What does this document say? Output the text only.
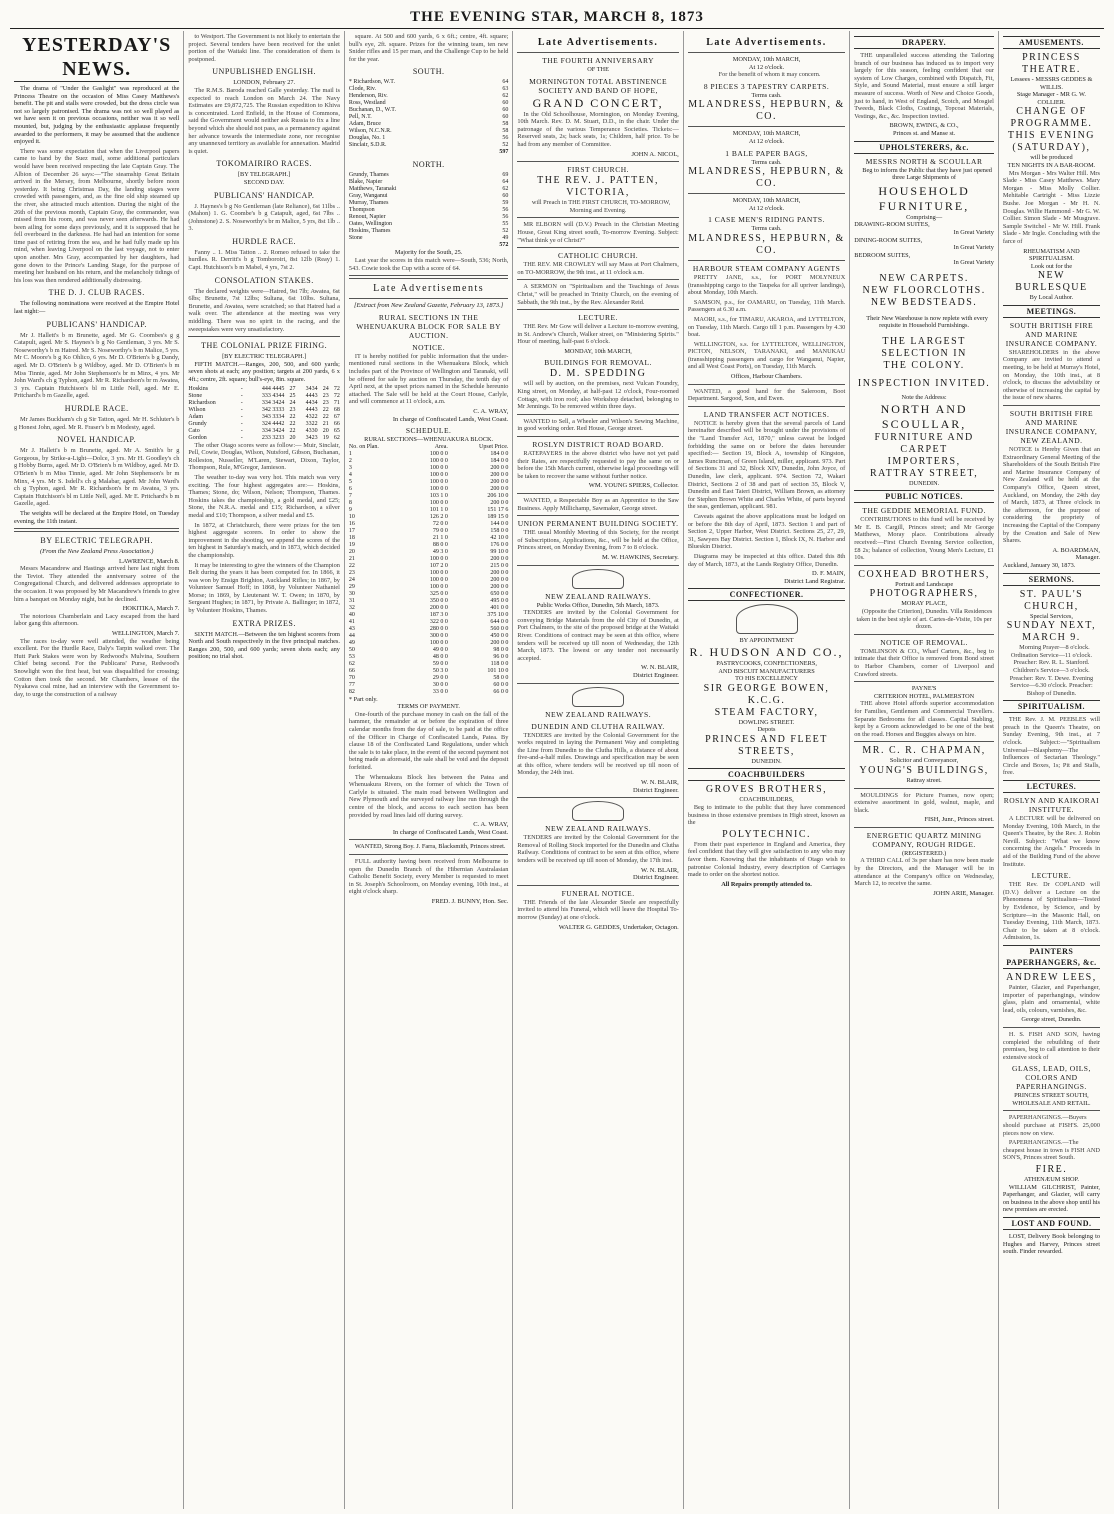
THE EVENING STAR, MARCH 8, 1873
YESTERDAY'S NEWS.

The drama of "Under the Gaslight" was reproduced at the Princess Theatre on the occasion of Miss Casey Matthews's benefit. The pit and stalls were crowded, but the dress circle was not so largely patronised. The drama was not so well played as we have seen it on previous occasions, neither was it so well mounted, but, judging by the enthusiastic applause frequently awarded to the performers, it may be assumed that the audience enjoyed it.

There was some expectation that when the Liverpool papers came to hand by the Suez mail, some additional particulars would have been received respecting the late Captain Gray. The Albion of December 26 says:—"The steamship Great Britain arrived in the Mersey, from Melbourne, shortly before noon yesterday. It being Christmas Day, the landing stages were crowded with passengers, and, as the fine old ship steamed up the river, she attracted much attention. During the night of the 26th of the previous month, Captain Gray, the commander, was missed from his room, and was never seen afterwards. He had been ailing for some days previously, and it is supposed that he fell overboard in the darkness. He had had an intention for some time past of retiring from the sea, and he had fully made up his mind, when leaving Liverpool on the last voyage, not to enter upon another. Mrs Gray, accompanied by her daughters, had gone down to the Prince's Landing Stage, for the purpose of meeting her husband on his return, and the melancholy tidings of his loss was then rendered additionally distressing.

THE D. J. CLUB RACES.

The following nominations were received at the Empire Hotel last night:—

PUBLICANS' HANDICAP.

Mr J. Hallett's b m Brunette, aged. Mr G. Coombes's g g Catapult, aged. Mr S. Haynes's b g No Gentleman, 3 yrs. Mr S. Noseworthy's b m Hatred. Mr S. Noseworthy's b m Malice, 5 yrs. Mr C. Moore's b g Ko Ohlico, 6 yrs. Mr D. O'Brien's b g Dandy, aged. Mr D. O'Brien's b g Wildboy, aged. Mr D. O'Brien's b m Miss Tinnie, aged. Mr John Stephenson's br m Minx, 4 yrs. Mr John Ward's ch g Typhon, aged. Mr R. Richardson's br m Awatea, 3 yrs. Captain Hutchison's bl m Little Nell, aged. Mr E. Pritchard's b m Gazelle, aged.

HURDLE RACE.

Mr James Buckham's ch g Sir Tatton, aged. Mr H. Schluter's b g Honest John, aged. Mr R. Fraser's b m Modesty, aged.

NOVEL HANDICAP.

Mr J. Hallett's b m Brunette, aged. Mr A. Smith's br g Gorgeous, by Strike-a-Light—Dolce, 3 yrs. Mr H. Goodley's ch g Hobby Burns, aged. Mr D. O'Brien's b m Wildboy, aged. Mr D. O'Brien's b m Miss Tinnie, aged. Mr John Stephenson's br m Minx, 4 yrs. Mr S. Isdell's ch g Malabar, aged. Mr John Ward's ch g Typhon, aged. Mr R. Richardson's br m Awatea, 3 yrs. Captain Hutchison's bl m Little Nell, aged. Mr E. Pritchard's b m Gazelle, aged.

The weights will be declared at the Empire Hotel, on Tuesday evening, the 11th instant.

BY ELECTRIC TELEGRAPH.
(From the New Zealand Press Association.)
LAWRENCE, March 8.

Messrs Macandrew and Hastings arrived here last night from the Teviot. They attended the anniversary soiree of the Congregational Church, and delivered addresses appropriate to the occasion. It was proposed by Mr Macandrew's friends to give him a banquet on Monday night, but he declined.

HOKITIKA, March 7.

The notorious Chamberlain and Lacy escaped from the hard labor gang this afternoon.

WELLINGTON, March 7.

The races to-day were well attended, the weather being excellent. For the Hurdle Race, Daly's Tarpin walked over. The Hutt Park Stakes were won by Redwood's Mulvina, Southern Chief being second. For the Publicans' Purse, Redwood's Snowlight won the first heat, but was disqualified for crossing; Cotton then took the second. Mr Chambers, lessee of the Nyakawa coal mine, had an interview with the Government to-day, to urge the construction of a railway

to Westport. The Government is not likely to entertain the project. Several tenders have been received for the unlet portion of the Waitaki line. The consideration of them is postponed.

UNPUBLISHED ENGLISH.
LONDON, February 27.

The R.M.S. Baroda reached Galle yesterday. The mail is expected to reach London on March 24. The Navy Estimates are £9,872,725. The Russian expedition to Khiva is concentrated. Lord Enfield, in the House of Commons, said the Government would neither ask Russia to fix a line beyond which she should not pass, as a permanency against her advance towards the intermediate zone, nor recognise any unannexed territory as available for annexation. Madrid is quiet.

TOKOMAIRIRO RACES.
[BY TELEGRAPH.]
SECOND DAY.
PUBLICANS' HANDICAP.

J. Haynes's b g No Gentleman (late Reliance), 6st 11lbs .. (Mahon) 1. G. Coombe's b g Catapult, aged, 6st 7lbs .. (Johnstone) 2. S. Noseworthy's br m Malice, 5 yrs, 8st 1lb .. 3.

HURDLE RACE.

Fanny .. 1. Miss Tatton .. 2. Romeo refused to take the hurdles. R. Derritt's b g Tomboroiri, 8st 12lb (Reay) 1. Capt. Hutchison's b m Mabel, 4 yrs, 7st 2.

CONSOLATION STAKES.

The declared weights were—Hatred, 9st 7lb; Awatea, 6st 6lbs; Brunette, 7st 12lbs; Sultana, 6st 10lbs. Sultana, Brunette, and Awatea, were scratched; so that Hatred had a walk over. The attendance at the meeting was very middling. There was no spirit in the racing, and the sweepstakes were very unsatisfactory.

THE COLONIAL PRIZE FIRING.
[BY ELECTRIC TELEGRAPH.]

FIFTH MATCH.—Ranges, 200, 500, and 600 yards; seven shots at each; any position; targets at 200 yards, 6 x 4ft.; centre, 2ft. square; bull's-eye, 8in. square.

Hoskins	-	444 4445	27	3434	24	72
Stone	-	333 4344	25	4443	23	72
Richardson	-	334 3424	24	4434	23	71
Wilson	-	342 3333	23	4443	22	68
Adam	-	343 3334	22	4322	22	67
Grundy	-	324 4442	22	3322	21	66
Cato	-	334 3424	22	4330	20	65
Gordon	-	233 3233	20	3423	19	62

The other Otago scores were as follow:— Muir, Sinclair, Pell, Cowie, Douglas, Wilson, Nutsford, Gibson, Buchanan, Rolleston, Nusseller, M'Laren, Stewart, Dixon, Taylor, Thompson, Rule, M'Gregor, Jamieson.

The weather to-day was very hot. This match was very exciting. The four highest aggregates are:— Hoskins, Thames; Stone, do; Wilson, Nelson; Thompson, Thames. Hoskins takes the championship, a gold medal, and £25; Stone, the N.R.A. medal and £15; Richardson, a silver medal and £10; Thompson, a silver medal and £5.

In 1872, at Christchurch, there were prizes for the ten highest aggregate scorers. In order to show the improvement in the shooting, we append the scores of the ten highest in Saturday's match, and in 1873, which decided the championship.

It may be interesting to give the winners of the Champion Belt during the years it has been competed for. In 1866, it was won by Ensign Brighton, Auckland Rifles; in 1867, by Volunteer Samuel Hoff; in 1868, by Volunteer Nathaniel Morse; in 1869, by Lieutenant W. T. Owen; in 1870, by Sergeant Hughes; in 1871, by Private A. Ballinger; in 1872, by Volunteer Hoskins, Thames.

EXTRA PRIZES.

SIXTH MATCH.—Between the ten highest scorers from North and South respectively in the five principal matches. Ranges 200, 500, and 600 yards; seven shots each; any position; no trial shot.

square. At 500 and 600 yards, 6 x 6ft.; centre, 4ft. square; bull's eye, 2ft. square. Prizes for the winning team, ten new Snider rifles and 15 per man, and the Challenge Cup to be held for the year.

SOUTH.
* Richardson, W.T.	64
Clode, Riv.	63
Henderson, Riv.	62
Ross, Westland	60
Buchanan, D., W.T.	60
Pell, N.T.	60
Adam, Bruce	58
Wilson, N.C.N.R.	58
Douglas, No. 1	56
Sinclair, S.D.R.	52
	597
NORTH.
Grundy, Thames	69
Blake, Napier	64
Matthews, Taranaki	62
Gray, Wanganui	60
Murray, Thames	59
Thompson	56
Renout, Napier	56
Oates, Wellington	55
Hoskins, Thames	52
Stone	49
	572
Majority for the South, 25.

Last year the scores in this match were—South, 536; North, 543. Cowie took the Cup with a score of 64.

Late Advertisements
[Extract from New Zealand Gazette, February 13, 1873.]
RURAL SECTIONS IN THE WHENUAKURA BLOCK FOR SALE BY AUCTION.
NOTICE.

IT is hereby notified for public information that the under-mentioned rural sections in the Whenuakura Block, which includes part of the Province of Wellington and Taranaki, will be offered for sale by auction on Thursday, the tenth day of April next, at the upset prices named in the Schedule hereunto attached. The Sale will be held at the Court House, Carlyle, and will commence at 11 o'clock, a.m.

C. A. WRAY,
In charge of Confiscated Lands, West Coast.
SCHEDULE.
RURAL SECTIONS—WHENUAKURA BLOCK.
No. on Plan.	Area.	Upset Price.
1	100 0 0	184 0 0
2	100 0 0	184 0 0
3	100 0 0	200 0 0
4	100 0 0	200 0 0
5	100 0 0	200 0 0
6	100 0 0	200 0 0
7	103 1 0	206 10 0
8	100 0 0	200 0 0
9	101 1 0	151 17 6
10	126 2 0	189 15 0
16	72 0 0	144 0 0
17	79 0 0	158 0 0
18	21 1 0	42 10 0
19	88 0 0	176 0 0
20	49 3 0	99 10 0
21	100 0 0	200 0 0
22	107 2 0	215 0 0
23	100 0 0	200 0 0
24	100 0 0	200 0 0
29	100 0 0	200 0 0
30	325 0 0	650 0 0
31	350 0 0	495 0 0
32	200 0 0	401 0 0
40	187 3 0	375 10 0
41	322 0 0	644 0 0
43	280 0 0	560 0 0
44	300 0 0	450 0 0
49	100 0 0	200 0 0
50	49 0 0	98 0 0
53	48 0 0	96 0 0
62	59 0 0	118 0 0
66	50 3 0	101 10 0
70	29 0 0	58 0 0
77	30 0 0	60 0 0
82	33 0 0	66 0 0
* Part only.
TERMS OF PAYMENT.

One-fourth of the purchase money in cash on the fall of the hammer, the remainder at or before the expiration of three calendar months from the day of sale, to be paid at the office of the Officer in Charge of Confiscated Lands, Patea. By clause 18 of the Confiscated Land Regulations, under which the sale is to take place, in the event of the second payment not being made as aforesaid, the sale shall be void and the deposit forfeited.

The Whenuakura Block lies between the Patea and Whenuakura Rivers, on the former of which the Town of Carlyle is situated. The main road between Wellington and New Plymouth and the surveyed railway line run through the centre of the block, and access to each section has been provided by road lines laid off during survey.

C. A. WRAY,
In charge of Confiscated Lands, West Coast.

WANTED, Strong Boy. J. Farra, Blacksmith, Princes street.

FULL authority having been received from Melbourne to open the Dunedin Branch of the Hibernian Australasian Catholic Benefit Society, every Member is requested to meet in St. Joseph's Schoolroom, on Monday evening, 10th inst., at eight o'clock sharp.

FRED. J. BUNNY, Hon. Sec.
Late Advertisements.
THE FOURTH ANNIVERSARY
OF THE
MORNINGTON TOTAL ABSTINENCE SOCIETY AND BAND OF HOPE,
GRAND CONCERT,

In the Old Schoolhouse, Mornington, on Monday Evening, 10th March. Rev. D. M. Stuart, D.D., in the chair. Under the patronage of the various Temperance Societies. Tickets:—Reserved seats, 2s; back seats, 1s; Children, half price. To be had from any member of Committee.

JOHN A. NICOL,
FIRST CHURCH.
THE REV. J. PATTEN,
VICTORIA,

will Preach in THE FIRST CHURCH, TO-MORROW, Morning and Evening.

MR ELBORN will (D.V.) Preach in the Christian Meeting House, Great King street south, To-morrow Evening. Subject: "What think ye of Christ?"

CATHOLIC CHURCH.

THE REV. MR CROWLEY will say Mass at Port Chalmers, on TO-MORROW, the 9th inst., at 11 o'clock a.m.

A SERMON on "Spiritualism and the Teachings of Jesus Christ," will be preached in Trinity Church, on the evening of Sabbath, the 9th inst., by the Rev. Alexander Reid.

LECTURE.

THE Rev. Mr Gow will deliver a Lecture to-morrow evening, in St. Andrew's Church, Walker street, on "Ministering Spirits." Hour of meeting, half-past 6 o'clock.

MONDAY, 10th MARCH,
BUILDINGS FOR REMOVAL.
D. M. SPEDDING

will sell by auction, on the premises, next Vulcan Foundry, King street, on Monday, at half-past 12 o'clock, Four-roomed Cottage, with iron roof; also Workshop detached, belonging to Mr Jennings. To be removed within three days.

WANTED to Sell, a Wheeler and Wilson's Sewing Machine, in good working order. Red House, George street.

ROSLYN DISTRICT ROAD BOARD.

RATEPAYERS in the above district who have not yet paid their Rates, are respectfully requested to pay the same on or before the 15th March current, otherwise legal proceedings will be taken to recover the same without further notice.

WM. YOUNG SPIERS, Collector.

WANTED, a Respectable Boy as an Apprentice to the Saw Business. Apply Millichamp, Sawmaker, George street.

UNION PERMANENT BUILDING SOCIETY.

THE usual Monthly Meeting of this Society, for the receipt of Subscriptions, Applications, &c., will be held at the Office, Princes street, on Monday Evening, from 7 to 8 o'clock.

M. W. HAWKINS, Secretary.
NEW ZEALAND RAILWAYS.
Public Works Office, Dunedin, 5th March, 1873.

TENDERS are invited by the Colonial Government for conveying Bridge Materials from the old City of Dunedin, at Port Chalmers, to the site of the proposed bridge at the Waitaki River. Conditions of contract may be seen at this office, where tenders will be received up till noon of Wednesday, the 12th March, 1873. The lowest or any tender not necessarily accepted.

W. N. BLAIR,
District Engineer.
NEW ZEALAND RAILWAYS.
DUNEDIN AND CLUTHA RAILWAY.

TENDERS are invited by the Colonial Government for the works required in laying the Permanent Way and completing the Line from Dunedin to the Clutha Hills, a distance of about five-and-a-half miles. Drawings and specification may be seen at this office, where tenders will be received up till noon of Monday, the 24th inst.

W. N. BLAIR,
District Engineer.
NEW ZEALAND RAILWAYS.

TENDERS are invited by the Colonial Government for the Removal of Rolling Stock imported for the Dunedin and Clutha Railway. Conditions of contract to be seen at this office, where tenders will be received up till noon of Monday, the 17th inst.

W. N. BLAIR,
District Engineer.
FUNERAL NOTICE.

THE Friends of the late Alexander Steele are respectfully invited to attend his Funeral, which will leave the Hospital To-morrow (Sunday) at one o'clock.

WALTER G. GEDDES, Undertaker, Octagon.
Late Advertisements.
MONDAY, 10th MARCH,
At 12 o'clock.

For the benefit of whom it may concern.

8 PIECES 3 TAPESTRY CARPETS.
Terms cash.
MLANDRESS, HEPBURN, & CO.
MONDAY, 10th MARCH,
At 12 o'clock.
1 BALE PAPER BAGS,
Terms cash.
MLANDRESS, HEPBURN, & CO.
MONDAY, 10th MARCH,
At 12 o'clock.
1 CASE MEN'S RIDING PANTS.
Terms cash.
MLANDRESS, HEPBURN, & CO.
HARBOUR STEAM COMPANY AGENTS

PRETTY JANE, s.s., for PORT MOLYNEUX (transshipping cargo to the Taupeka for all upriver landings), about Monday, 10th March.

SAMSON, p.s., for OAMARU, on Tuesday, 11th March. Passengers at 6.30 a.m.

MAORI, s.s., for TIMARU, AKAROA, and LYTTELTON, on Tuesday, 11th March. Cargo till 1 p.m. Passengers by 4.30 boat.

WELLINGTON, s.s. for LYTTELTON, WELLINGTON, PICTON, NELSON, TARANAKI, and MANUKAU (transshipping passengers and cargo for Wanganui, Napier, and all West Coast Ports), on Tuesday, 11th March.

Offices, Harbour Chambers.

WANTED, a good hand for the Saleroom, Boot Department. Sargood, Son, and Ewen.

LAND TRANSFER ACT NOTICES.

NOTICE is hereby given that the several parcels of Land hereinafter described will be brought under the provisions of the "Land Transfer Act, 1870," unless caveat be lodged forbidding the same on or before the dates hereunder specified:— Section 19, Block A, township of Kingston, James Runciman, of Green Island, miller, applicant. 973. Part of Sections 31 and 32, Block XIV, Dunedin, John Joyce, of Dunedin, law clerk, applicant. 974. Section 72, Wakari District, Sections 2 of 38 and part of section 35, Block V, Dunedin and East Taieri District, William Brown, as attorney for Stephen Brown White and Charles White, of parts beyond the seas, gentleman, applicant. 981.

Caveats against the above applications must be lodged on or before the 8th day of April, 1873. Section 1 and part of Section 2, Upper Harbor, West District. Sections 25, 27, 29, 31, Sawyers Bay District. Section 1, Block IX, N. Harbor and Blueskin District.

Diagrams may be inspected at this office. Dated this 8th day of March, 1873, at the Lands Registry Office, Dunedin.

D. F. MAIN,
District Land Registrar.
CONFECTIONER.
BY APPOINTMENT
R. HUDSON AND CO.,
PASTRYCOOKS, CONFECTIONERS,
AND BISCUIT MANUFACTURERS
TO HIS EXCELLENCY
SIR GEORGE BOWEN, K.C.G.
STEAM FACTORY,
DOWLING STREET.
Depots
PRINCES AND FLEET STREETS,
DUNEDIN.
COACHBUILDERS
GROVES BROTHERS,
COACHBUILDERS,

Beg to intimate to the public that they have commenced business in those extensive premises in High street, known as the

POLYTECHNIC.

From their past experience in England and America, they feel confident that they will give satisfaction to any who may favor them. Knowing that the inhabitants of Otago wish to patronise Colonial Industry, every description of Carriages made to order on the shortest notice.

All Repairs promptly attended to.
DRAPERY.

THE unparalleled success attending the Tailoring branch of our business has induced us to import very largely for this season, feeling confident that our system of Low Charges, combined with Dispatch, Fit, Style, and Sound Material, must ensure a still larger measure of success. Worth of New and Choice Goods, just to hand, in West of England, Scotch, and Mosgiel Tweeds, Black Cloths, Coatings, Topcoat Materials, Vestings, &c., &c. Inspection invited.

BROWN, EWING, & CO.,
Princes st. and Manse st.
UPHOLSTERERS, &c.
MESSRS NORTH & SCOULLAR

Beg to inform the Public that they have just opened three Large Shipments of

HOUSEHOLD FURNITURE,
Comprising—
DRAWING-ROOM SUITES,
In Great Variety
DINING-ROOM SUITES,
In Great Variety
BEDROOM SUITES,
In Great Variety
NEW CARPETS.
NEW FLOORCLOTHS.
NEW BEDSTEADS.

Their New Warehouse is now replete with every requisite in Household Furnishings.

THE LARGEST SELECTION IN
THE COLONY.
INSPECTION INVITED.
Note the Address:
NORTH AND SCOULLAR,
FURNITURE AND CARPET
IMPORTERS,
RATTRAY STREET,
DUNEDIN.
PUBLIC NOTICES.
THE GEDDIE MEMORIAL FUND.

CONTRIBUTIONS to this fund will be received by Mr E. B. Cargill, Princes street; and Mr George Matthews, Moray place. Contributions already received:—First Church Evening Service collection, £8 2s; balance of collection, Young Men's Lecture, £1 10s.

COXHEAD BROTHERS,
Portrait and Landscape
PHOTOGRAPHERS,
MORAY PLACE,

(Opposite the Criterion), Dunedin. Villa Residences taken in the best style of art. Cartes-de-Visite, 10s per dozen.

NOTICE OF REMOVAL.

TOMLINSON & CO., Wharf Carters, &c., beg to intimate that their Office is removed from Bond street to Harbor Chambers, corner of Liverpool and Crawford streets.

PAYNE'S
CRITERION HOTEL, PALMERSTON

THE above Hotel affords superior accommodation for Families, Gentlemen and Commercial Travellers. Separate Bedrooms for all classes. Capital Stabling, kept by a Groom acknowledged to be one of the best on the road. Horses and Buggies always on hire.

MR. C. R. CHAPMAN,
Solicitor and Conveyancer,
YOUNG'S BUILDINGS,
Rattray street.

MOULDINGS for Picture Frames, now open; extensive assortment in gold, walnut, maple, and black.

FISH, Junr., Princes street.
ENERGETIC QUARTZ MINING COMPANY, ROUGH RIDGE.
(REGISTERED.)

A THIRD CALL of 3s per share has now been made by the Directors, and the Manager will be in attendance at the Company's office on Wednesday, March 12, to receive the same.

JOHN ARIE, Manager.
AMUSEMENTS.
PRINCESS THEATRE.
Lessees - MESSRS GEDDES & WILLIS.
Stage Manager - MR G. W. COLLIER.
CHANGE OF PROGRAMME.
THIS EVENING (SATURDAY),
will be produced
TEN NIGHTS IN A BAR-ROOM.

Mrs Morgan - Mrs Walter Hill. Mrs Slade - Miss Casey Matthews. Mary Morgan - Miss Molly Collier. Mehitable Cartright - Miss Lizzie Bushe. Joe Morgan - Mr H. N. Douglas. Willie Hammond - Mr G. W. Collier. Simon Slade - Mr Musgrave. Sample Switchel - Mr W. Hill. Frank Slade - Mr Ingle. Concluding with the farce of

RHEUMATISM AND SPIRITUALISM.
Look out for the
NEW BURLESQUE
By Local Author.
MEETINGS.
SOUTH BRITISH FIRE AND MARINE INSURANCE COMPANY.

SHAREHOLDERS in the above Company are invited to attend a meeting, to be held at Murray's Hotel, on Monday, the 10th inst., at 8 o'clock, to discuss the advisibility or otherwise of increasing the capital by the issue of new shares.

SOUTH BRITISH FIRE AND MARINE INSURANCE COMPANY, NEW ZEALAND.

NOTICE is Hereby Given that an Extraordinary General Meeting of the Shareholders of the South British Fire and Marine Insurance Company of New Zealand will be held at the Company's Office, Queen street, Auckland, on Monday, the 24th day of March, 1873, at Three o'clock in the afternoon, for the purpose of considering the propriety of increasing the Capital of the Company by the Creation and Sale of New Shares.

A. BOARDMAN,
Manager.
Auckland, January 30, 1873.
SERMONS.
ST. PAUL'S CHURCH,
Special Services,
SUNDAY NEXT, MARCH 9.

Morning Prayer—8 o'clock. Ordination Service—11 o'clock. Preacher: Rev. R. L. Stanford. Children's Service—3 o'clock. Preacher: Rev. T. Dewe. Evening Service—6.30 o'clock. Preacher: Bishop of Dunedin.

SPIRITUALISM.

THE Rev. J. M. PEEBLES will preach in the Queen's Theatre, on Sunday Evening, 9th inst., at 7 o'clock. Subject:—"Spiritualism Universal—Blasphemy—The Influences of Sectarian Theology." Circle and Boxes, 1s; Pit and Stalls, free.

LECTURES.
ROSLYN AND KAIKORAI INSTITUTE.

A LECTURE will be delivered on Monday Evening, 10th March, in the Queen's Theatre, by the Rev. J. Robin Nevill. Subject: "What we know concerning the Angels." Proceeds in aid of the Building Fund of the above Institute.

LECTURE.

THE Rev. Dr COPLAND will (D.V.) deliver a Lecture on the Phenomena of Spiritualism—Tested by Evidence, by Science, and by Scripture—in the Masonic Hall, on Tuesday Evening, 11th March, 1873. Chair to be taken at 8 o'clock. Admission, 1s.

PAINTERS PAPERHANGERS, &c.
ANDREW LEES,

Painter, Glazier, and Paperhanger, importer of paperhangings, window glass, plain and ornamental, white lead, oils, colours, varnishes, &c.

George street, Dunedin.

H. S. FISH AND SON, having completed the rebuilding of their premises, beg to call attention to their extensive stock of

GLASS, LEAD, OILS, COLORS AND PAPERHANGINGS.
PRINCES STREET SOUTH,
WHOLESALE AND RETAIL.

PAPERHANGINGS.—Buyers should purchase at FISH'S. 25,000 pieces now on view.

PAPERHANGINGS.—The cheapest house in town is FISH AND SON'S, Princes street South.

FIRE.
ATHENÆUM SHOP.

WILLIAM GILCHRIST, Painter, Paperhanger, and Glazier, will carry on business in the above shop until his new premises are erected.

LOST AND FOUND.

LOST, Delivery Book belonging to Hughes and Harvey, Princes street south. Finder rewarded.
